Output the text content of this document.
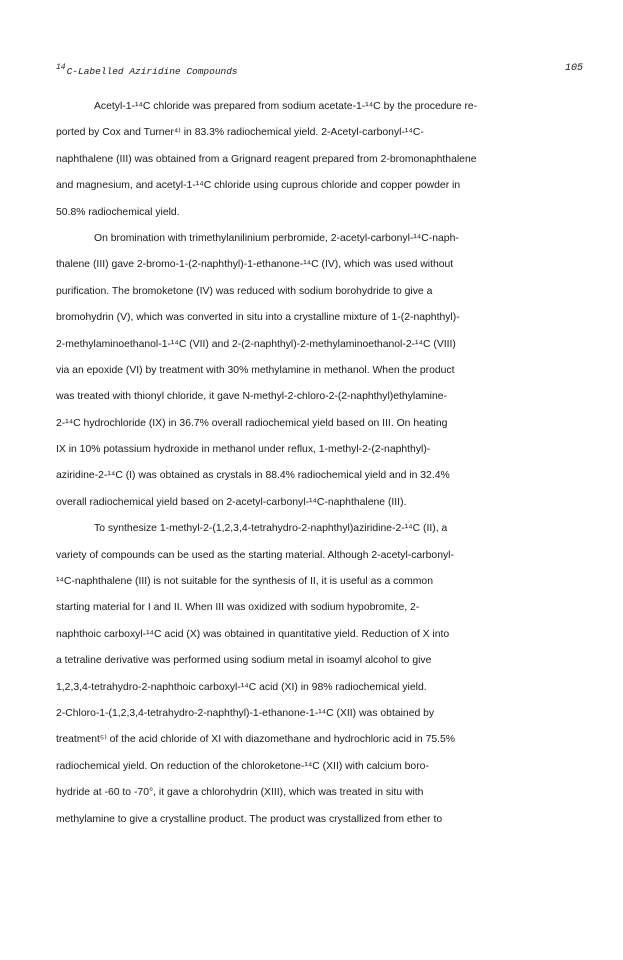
$^{14}$C-Labelled Aziridine Compounds	105
Acetyl-1-¹⁴C chloride was prepared from sodium acetate-1-¹⁴C by the procedure re-
ported by Cox and Turner⁴⁾ in 83.3% radiochemical yield. 2-Acetyl-carbonyl-¹⁴C-
naphthalene (III) was obtained from a Grignard reagent prepared from 2-bromonaphthalene
and magnesium, and acetyl-1-¹⁴C chloride using cuprous chloride and copper powder in
50.8% radiochemical yield.
On bromination with trimethylanilinium perbromide, 2-acetyl-carbonyl-¹⁴C-naph-
thalene (III) gave 2-bromo-1-(2-naphthyl)-1-ethanone-¹⁴C (IV), which was used without
purification. The bromoketone (IV) was reduced with sodium borohydride to give a
bromohydrin (V), which was converted in situ into a crystalline mixture of 1-(2-naphthyl)-
2-methylaminoethanol-1-¹⁴C (VII) and 2-(2-naphthyl)-2-methylaminoethanol-2-¹⁴C (VIII)
via an epoxide (VI) by treatment with 30% methylamine in methanol. When the product
was treated with thionyl chloride, it gave N-methyl-2-chloro-2-(2-naphthyl)ethylamine-
2-¹⁴C hydrochloride (IX) in 36.7% overall radiochemical yield based on III. On heating
IX in 10% potassium hydroxide in methanol under reflux, 1-methyl-2-(2-naphthyl)-
aziridine-2-¹⁴C (I) was obtained as crystals in 88.4% radiochemical yield and in 32.4%
overall radiochemical yield based on 2-acetyl-carbonyl-¹⁴C-naphthalene (III).
To synthesize 1-methyl-2-(1,2,3,4-tetrahydro-2-naphthyl)aziridine-2-¹⁴C (II), a
variety of compounds can be used as the starting material. Although 2-acetyl-carbonyl-
¹⁴C-naphthalene (III) is not suitable for the synthesis of II, it is useful as a common
starting material for I and II. When III was oxidized with sodium hypobromite, 2-
naphthoic carboxyl-¹⁴C acid (X) was obtained in quantitative yield. Reduction of X into
a tetraline derivative was performed using sodium metal in isoamyl alcohol to give
1,2,3,4-tetrahydro-2-naphthoic carboxyl-¹⁴C acid (XI) in 98% radiochemical yield.
2-Chloro-1-(1,2,3,4-tetrahydro-2-naphthyl)-1-ethanone-1-¹⁴C (XII) was obtained by
treatment⁵⁾ of the acid chloride of XI with diazomethane and hydrochloric acid in 75.5%
radiochemical yield. On reduction of the chloroketone-¹⁴C (XII) with calcium boro-
hydride at -60 to -70°, it gave a chlorohydrin (XIII), which was treated in situ with
methylamine to give a crystalline product. The product was crystallized from ether to
